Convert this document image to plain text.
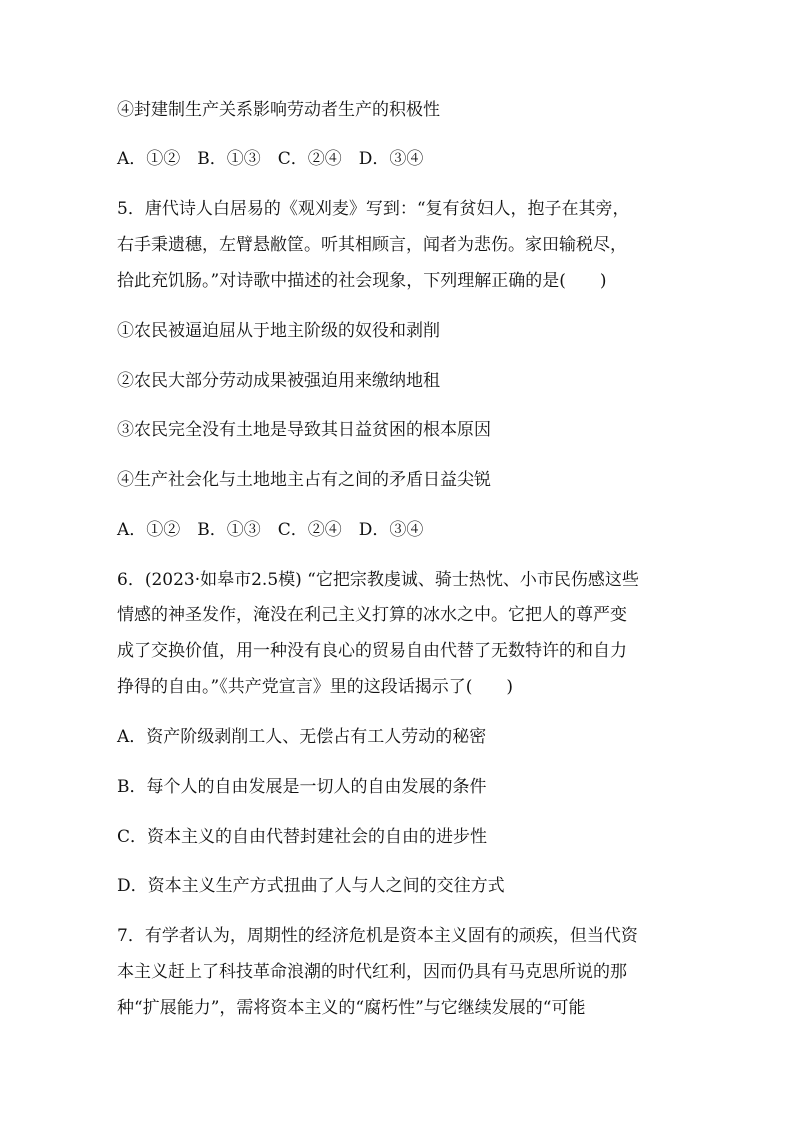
④封建制生产关系影响劳动者生产的积极性
A．①②　B．①③　C．②④　D．③④
5．唐代诗人白居易的《观刈麦》写到：“复有贫妇人，抱子在其旁，
右手秉遗穗，左臂悬敝筐。听其相顾言，闻者为悲伤。家田输税尽，
拾此充饥肠。”对诗歌中描述的社会现象，下列理解正确的是(　　)
①农民被逼迫屈从于地主阶级的奴役和剥削
②农民大部分劳动成果被强迫用来缴纳地租
③农民完全没有土地是导致其日益贫困的根本原因
④生产社会化与土地地主占有之间的矛盾日益尖锐
A．①②　B．①③　C．②④　D．③④
6．(2023·如皋市2.5模) “它把宗教虔诚、骑士热忱、小市民伤感这些
情感的神圣发作，淹没在利己主义打算的冰水之中。它把人的尊严变
成了交换价值，用一种没有良心的贸易自由代替了无数特许的和自力
挣得的自由。”《共产党宣言》里的这段话揭示了(　　)
A．资产阶级剥削工人、无偿占有工人劳动的秘密
B．每个人的自由发展是一切人的自由发展的条件
C．资本主义的自由代替封建社会的自由的进步性
D．资本主义生产方式扭曲了人与人之间的交往方式
7．有学者认为，周期性的经济危机是资本主义固有的顽疾，但当代资
本主义赶上了科技革命浪潮的时代红利，因而仍具有马克思所说的那
种“扩展能力”，需将资本主义的“腐朽性”与它继续发展的“可能
